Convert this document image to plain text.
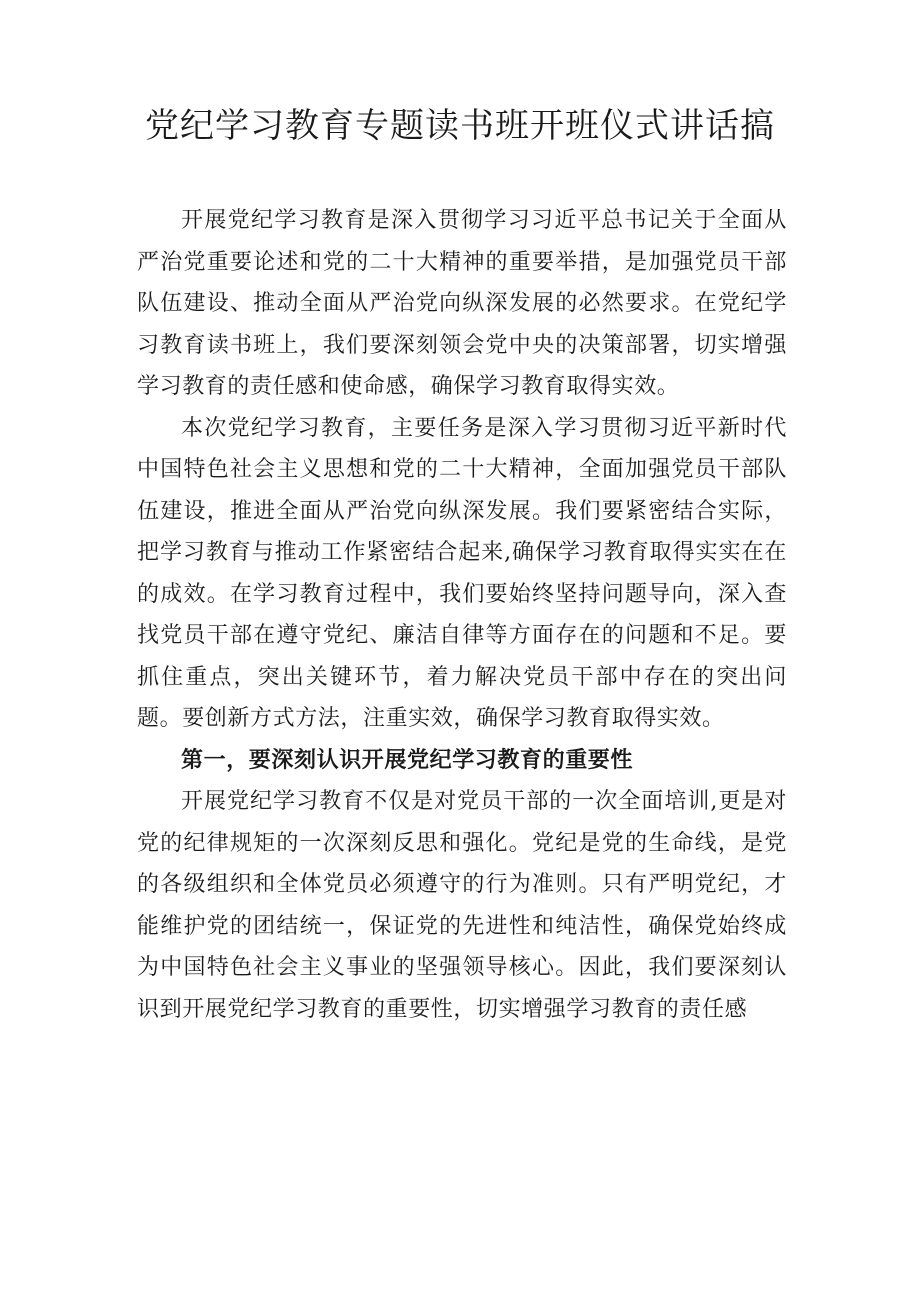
党纪学习教育专题读书班开班仪式讲话搞

开展党纪学习教育是深入贯彻学习习近平总书记关于全面从严治党重要论述和党的二十大精神的重要举措，是加强党员干部队伍建设、推动全面从严治党向纵深发展的必然要求。在党纪学习教育读书班上，我们要深刻领会党中央的决策部署，切实增强学习教育的责任感和使命感，确保学习教育取得实效。

本次党纪学习教育，主要任务是深入学习贯彻习近平新时代中国特色社会主义思想和党的二十大精神，全面加强党员干部队伍建设，推进全面从严治党向纵深发展。我们要紧密结合实际，把学习教育与推动工作紧密结合起来,确保学习教育取得实实在在的成效。在学习教育过程中，我们要始终坚持问题导向，深入查找党员干部在遵守党纪、廉洁自律等方面存在的问题和不足。要抓住重点，突出关键环节，着力解决党员干部中存在的突出问题。要创新方式方法，注重实效，确保学习教育取得实效。

第一，要深刻认识开展党纪学习教育的重要性

开展党纪学习教育不仅是对党员干部的一次全面培训,更是对党的纪律规矩的一次深刻反思和强化。党纪是党的生命线，是党的各级组织和全体党员必须遵守的行为准则。只有严明党纪，才能维护党的团结统一，保证党的先进性和纯洁性，确保党始终成为中国特色社会主义事业的坚强领导核心。因此，我们要深刻认识到开展党纪学习教育的重要性，切实增强学习教育的责任感
